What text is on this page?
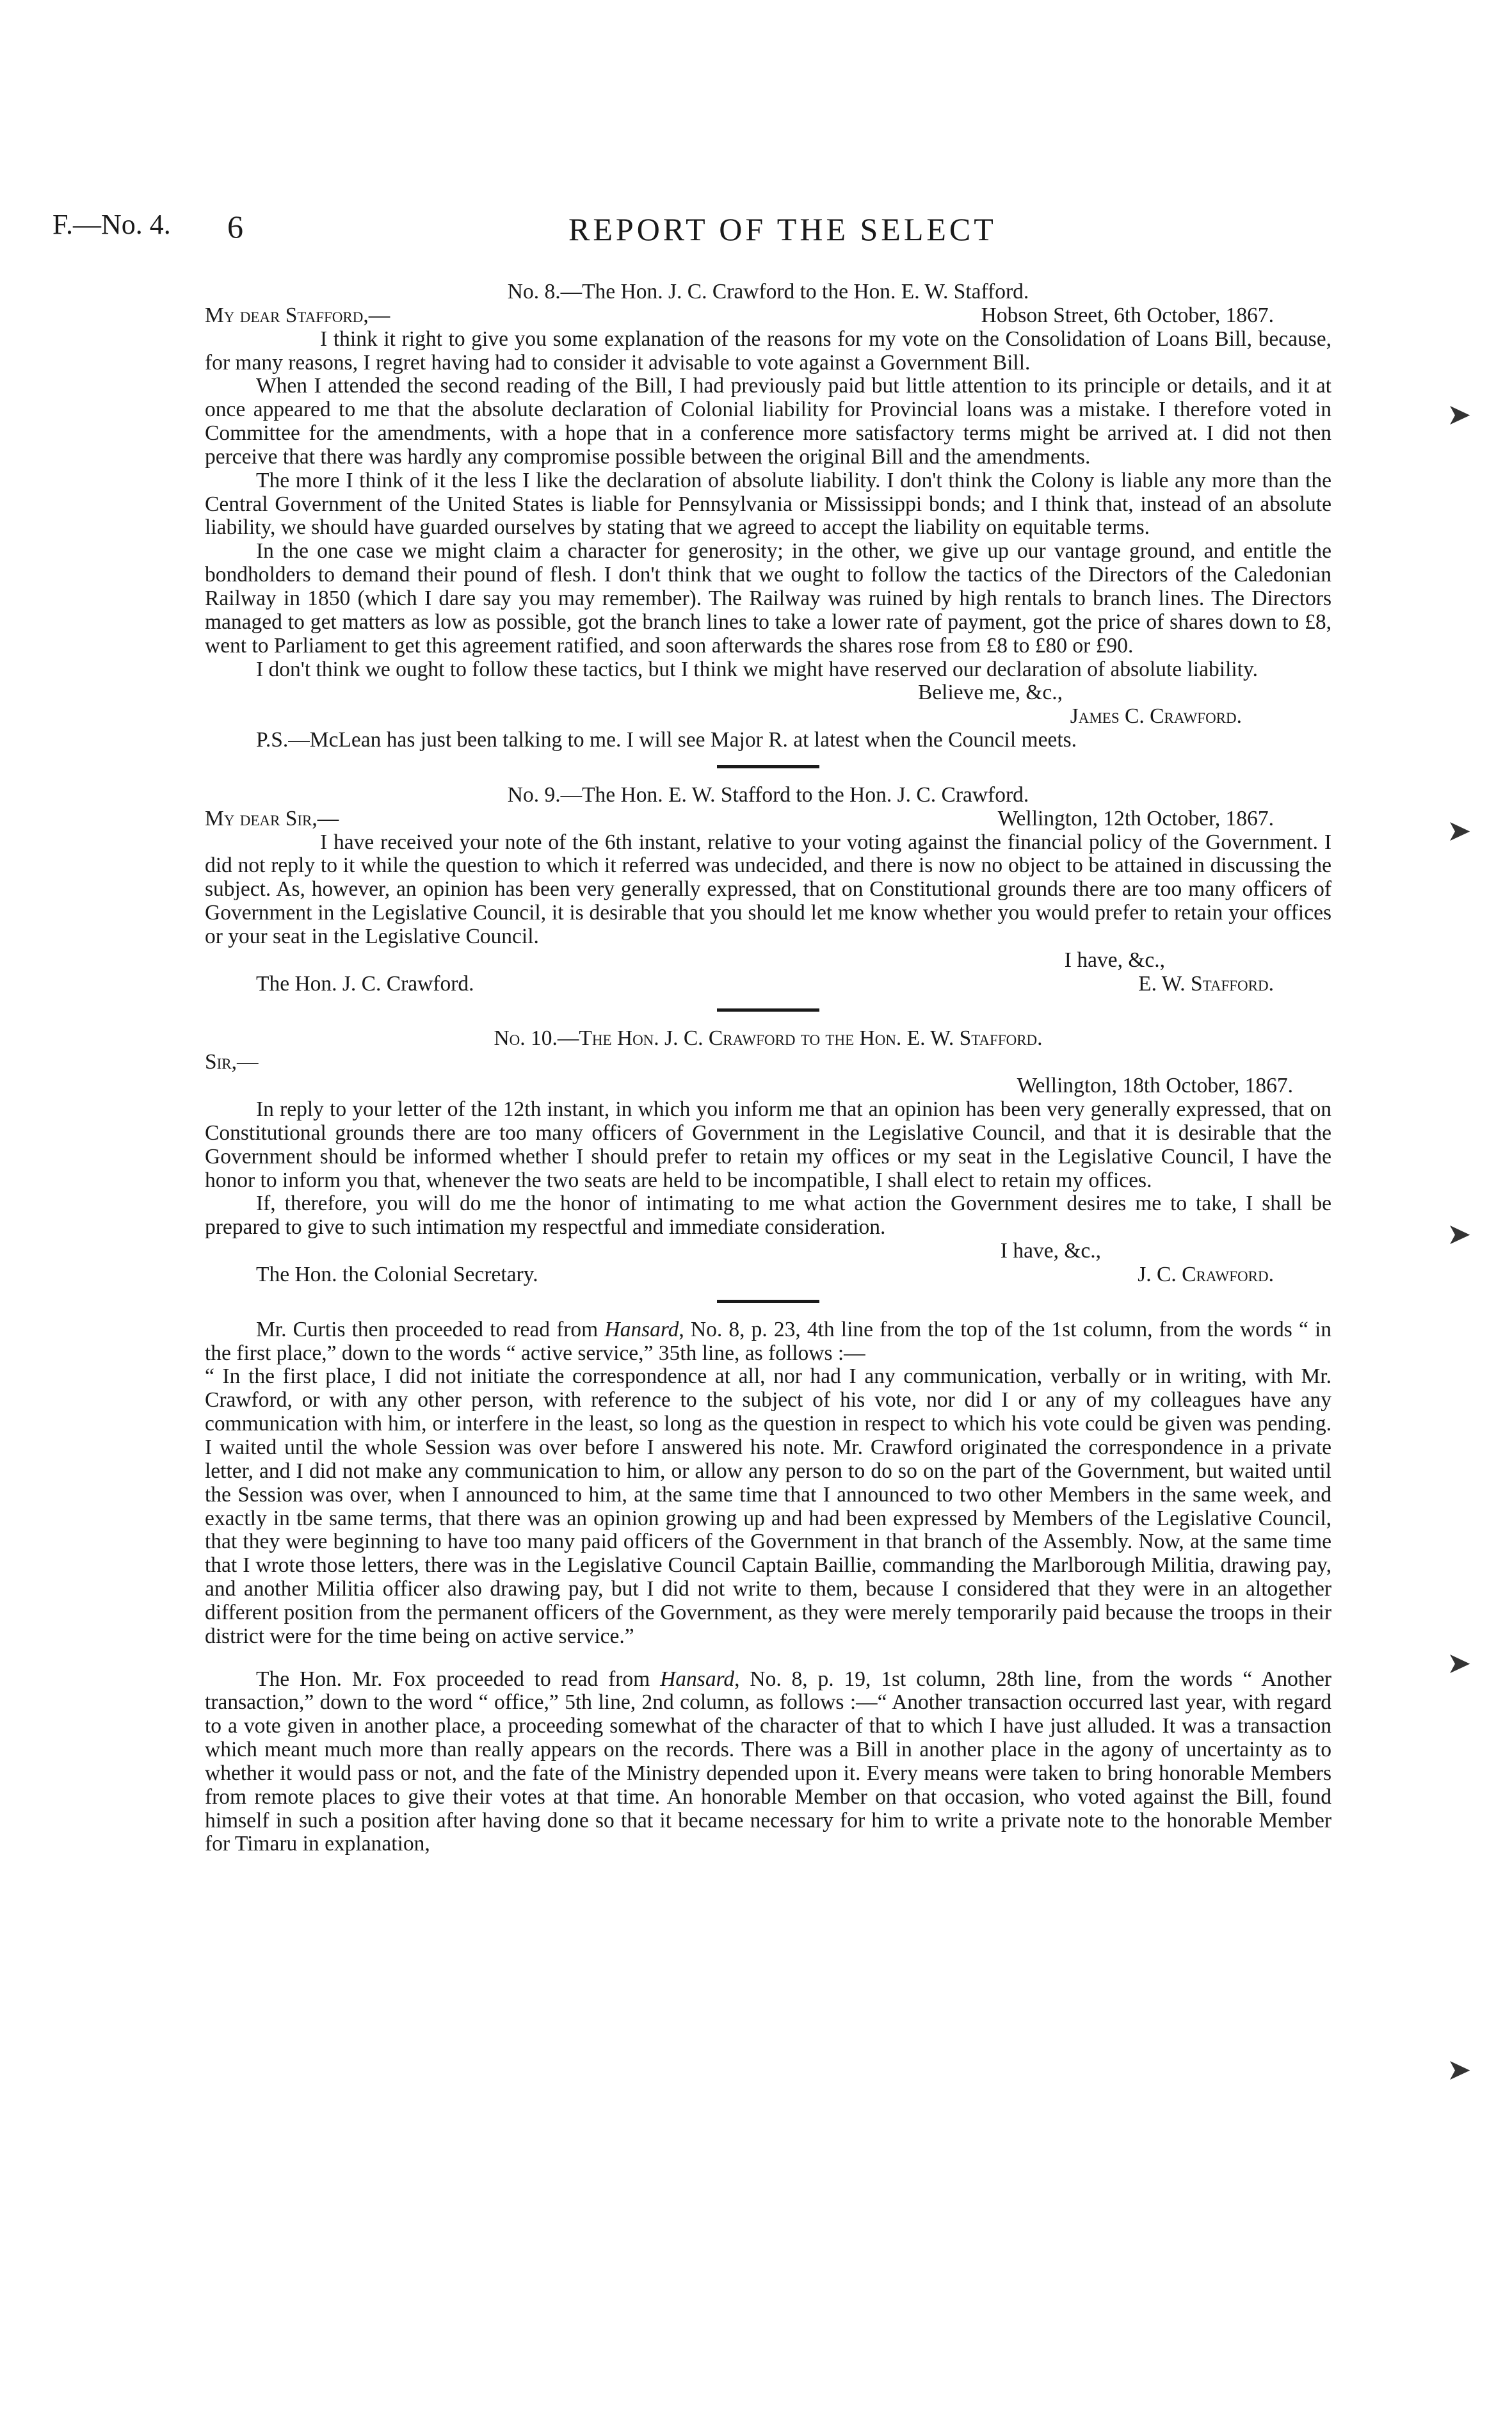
F.—No. 4. 6	REPORT OF THE SELECT
➤
➤
➤
➤
➤
No. 8.—The Hon. J. C. Crawford to the Hon. E. W. Stafford.
My dear Stafford,—	Hobson Street, 6th October, 1867.

I think it right to give you some explanation of the reasons for my vote on the Consolidation of Loans Bill, because, for many reasons, I regret having had to consider it advisable to vote against a Government Bill.

When I attended the second reading of the Bill, I had previously paid but little attention to its principle or details, and it at once appeared to me that the absolute declaration of Colonial liability for Provincial loans was a mistake. I therefore voted in Committee for the amendments, with a hope that in a conference more satisfactory terms might be arrived at. I did not then perceive that there was hardly any compromise possible between the original Bill and the amendments.

The more I think of it the less I like the declaration of absolute liability. I don't think the Colony is liable any more than the Central Government of the United States is liable for Pennsylvania or Mississippi bonds; and I think that, instead of an absolute liability, we should have guarded ourselves by stating that we agreed to accept the liability on equitable terms.

In the one case we might claim a character for generosity; in the other, we give up our vantage ground, and entitle the bondholders to demand their pound of flesh. I don't think that we ought to follow the tactics of the Directors of the Caledonian Railway in 1850 (which I dare say you may remember). The Railway was ruined by high rentals to branch lines. The Directors managed to get matters as low as possible, got the branch lines to take a lower rate of payment, got the price of shares down to £8, went to Parliament to get this agreement ratified, and soon afterwards the shares rose from £8 to £80 or £90.

I don't think we ought to follow these tactics, but I think we might have reserved our declaration of absolute liability.

Believe me, &c.,
James C. Crawford.

P.S.—McLean has just been talking to me. I will see Major R. at latest when the Council meets.

No. 9.—The Hon. E. W. Stafford to the Hon. J. C. Crawford.
My dear Sir,—	Wellington, 12th October, 1867.

I have received your note of the 6th instant, relative to your voting against the financial policy of the Government. I did not reply to it while the question to which it referred was undecided, and there is now no object to be attained in discussing the subject. As, however, an opinion has been very generally expressed, that on Constitutional grounds there are too many officers of Government in the Legislative Council, it is desirable that you should let me know whether you would prefer to retain your offices or your seat in the Legislative Council.

I have, &c.,
The Hon. J. C. Crawford.	E. W. Stafford.
No. 10.—The Hon. J. C. Crawford to the Hon. E. W. Stafford.
Sir,—
Wellington, 18th October, 1867.

In reply to your letter of the 12th instant, in which you inform me that an opinion has been very generally expressed, that on Constitutional grounds there are too many officers of Government in the Legislative Council, and that it is desirable that the Government should be informed whether I should prefer to retain my offices or my seat in the Legislative Council, I have the honor to inform you that, whenever the two seats are held to be incompatible, I shall elect to retain my offices.

If, therefore, you will do me the honor of intimating to me what action the Government desires me to take, I shall be prepared to give to such intimation my respectful and immediate consideration.

I have, &c.,
The Hon. the Colonial Secretary.	J. C. Crawford.

Mr. Curtis then proceeded to read from Hansard, No. 8, p. 23, 4th line from the top of the 1st column, from the words “ in the first place,” down to the words “ active service,” 35th line, as follows :—

“ In the first place, I did not initiate the correspondence at all, nor had I any communication, verbally or in writing, with Mr. Crawford, or with any other person, with reference to the subject of his vote, nor did I or any of my colleagues have any communication with him, or interfere in the least, so long as the question in respect to which his vote could be given was pending. I waited until the whole Session was over before I answered his note. Mr. Crawford originated the correspondence in a private letter, and I did not make any communication to him, or allow any person to do so on the part of the Government, but waited until the Session was over, when I announced to him, at the same time that I announced to two other Members in the same week, and exactly in tbe same terms, that there was an opinion growing up and had been expressed by Members of the Legislative Council, that they were beginning to have too many paid officers of the Government in that branch of the Assembly. Now, at the same time that I wrote those letters, there was in the Legislative Council Captain Baillie, commanding the Marlborough Militia, drawing pay, and another Militia officer also drawing pay, but I did not write to them, because I considered that they were in an altogether different position from the permanent officers of the Government, as they were merely temporarily paid because the troops in their district were for the time being on active service.”

The Hon. Mr. Fox proceeded to read from Hansard, No. 8, p. 19, 1st column, 28th line, from the words “ Another transaction,” down to the word “ office,” 5th line, 2nd column, as follows :—“ Another transaction occurred last year, with regard to a vote given in another place, a proceeding somewhat of the character of that to which I have just alluded. It was a transaction which meant much more than really appears on the records. There was a Bill in another place in the agony of uncertainty as to whether it would pass or not, and the fate of the Ministry depended upon it. Every means were taken to bring honorable Members from remote places to give their votes at that time. An honorable Member on that occasion, who voted against the Bill, found himself in such a position after having done so that it became necessary for him to write a private note to the honorable Member for Timaru in explanation,
